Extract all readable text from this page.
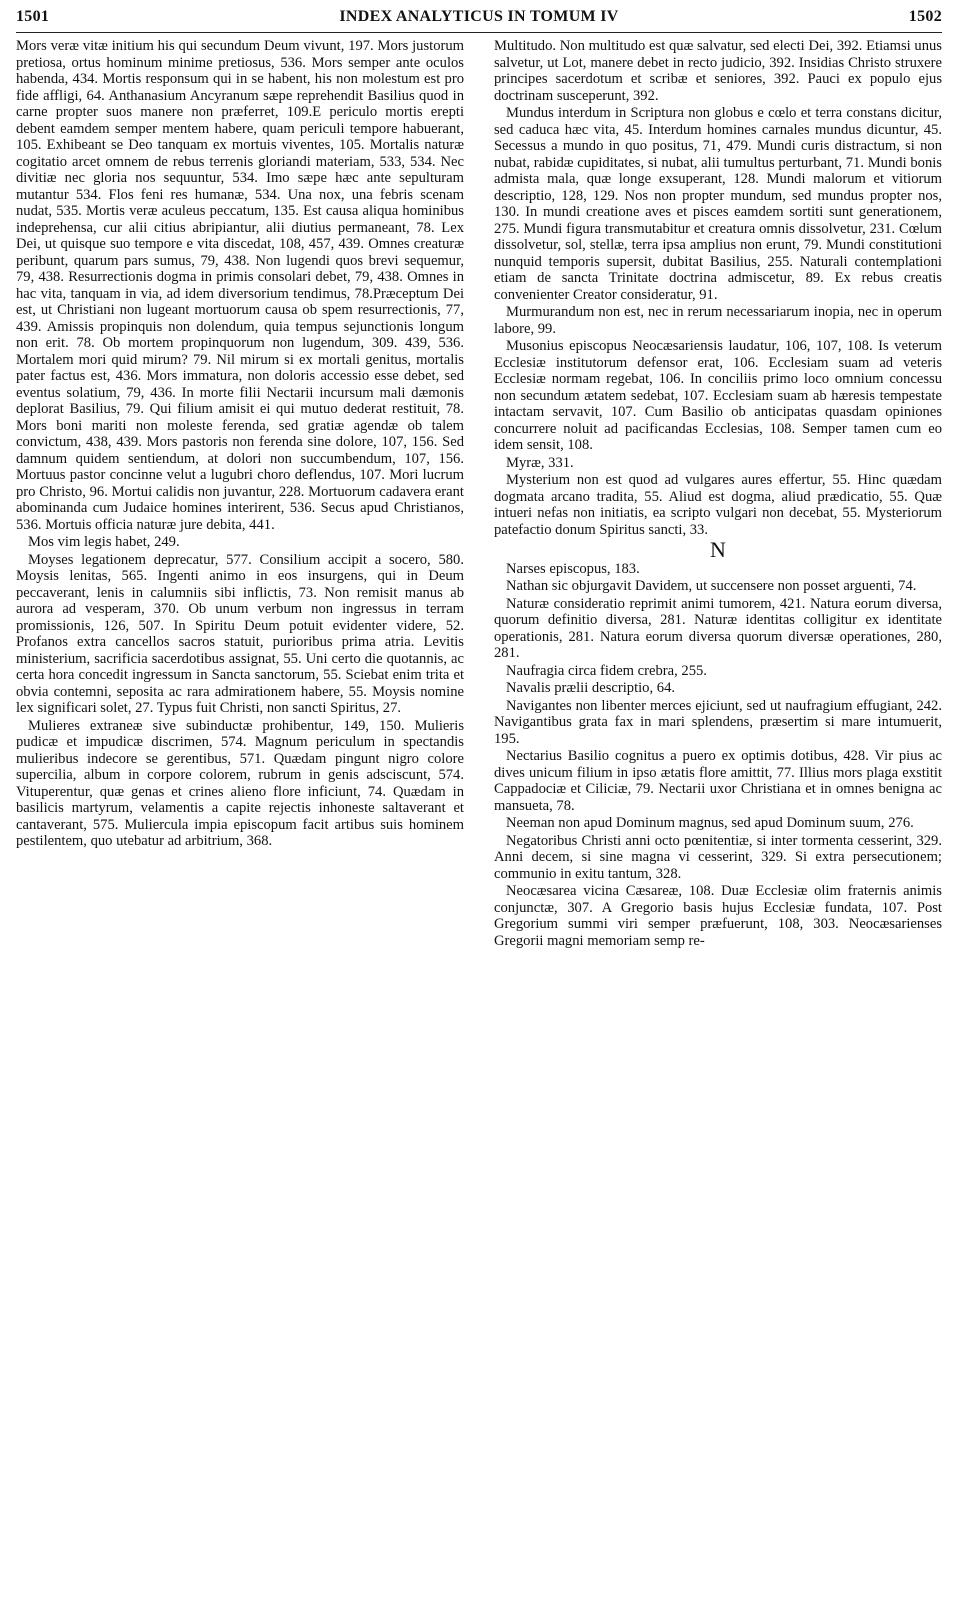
1501	INDEX ANALYTICUS IN TOMUM IV	1502

Mors veræ vitæ initium his qui secundum Deum vivunt, 197. Mors justorum pretiosa, ortus hominum minime pretiosus, 536. Mors semper ante oculos habenda, 434. Mortis responsum qui in se habent, his non molestum est pro fide affligi, 64. Anthanasium Ancyranum sæpe reprehendit Basilius quod in carne propter suos manere non præferret, 109.E periculo mortis erepti debent eamdem semper mentem habere, quam periculi tempore habuerant, 105. Exhibeant se Deo tanquam ex mortuis viventes, 105. Mortalis naturæ cogitatio arcet omnem de rebus terrenis gloriandi materiam, 533, 534. Nec divitiæ nec gloria nos sequuntur, 534. Imo sæpe hæc ante sepulturam mutantur 534. Flos feni res humanæ, 534. Una nox, una febris scenam nudat, 535. Mortis veræ aculeus peccatum, 135. Est causa aliqua hominibus indeprehensa, cur alii citius abripiantur, alii diutius permaneant, 78. Lex Dei, ut quisque suo tempore e vita discedat, 108, 457, 439. Omnes creaturæ peribunt, quarum pars sumus, 79, 438. Non lugendi quos brevi sequemur, 79, 438. Resurrectionis dogma in primis consolari debet, 79, 438. Omnes in hac vita, tanquam in via, ad idem diversorium tendimus, 78.Præceptum Dei est, ut Christiani non lugeant mortuorum causa ob spem resurrectionis, 77, 439. Amissis propinquis non dolendum, quia tempus sejunctionis longum non erit. 78. Ob mortem propinquorum non lugendum, 309. 439, 536. Mortalem mori quid mirum? 79. Nil mirum si ex mortali genitus, mortalis pater factus est, 436. Mors immatura, non doloris accessio esse debet, sed eventus solatium, 79, 436. In morte filii Nectarii incursum mali dæmonis deplorat Basilius, 79. Qui filium amisit ei qui mutuo dederat restituit, 78. Mors boni mariti non moleste ferenda, sed gratiæ agendæ ob talem convictum, 438, 439. Mors pastoris non ferenda sine dolore, 107, 156. Sed damnum quidem sentiendum, at dolori non succumbendum, 107, 156. Mortuus pastor concinne velut a lugubri choro deflendus, 107. Mori lucrum pro Christo, 96. Mortui calidis non juvantur, 228. Mortuorum cadavera erant abominanda cum Judaice homines interirent, 536. Secus apud Christianos, 536. Mortuis officia naturæ jure debita, 441.

Mos vim legis habet, 249.

Moyses legationem deprecatur, 577. Consilium accipit a socero, 580. Moysis lenitas, 565. Ingenti animo in eos insurgens, qui in Deum peccaverant, lenis in calumniis sibi inflictis, 73. Non remisit manus ab aurora ad vesperam, 370. Ob unum verbum non ingressus in terram promissionis, 126, 507. In Spiritu Deum potuit evidenter videre, 52. Profanos extra cancellos sacros statuit, purioribus prima atria. Levitis ministerium, sacrificia sacerdotibus assignat, 55. Uni certo die quotannis, ac certa hora concedit ingressum in Sancta sanctorum, 55. Sciebat enim trita et obvia contemni, seposita ac rara admirationem habere, 55. Moysis nomine lex significari solet, 27. Typus fuit Christi, non sancti Spiritus, 27.

Mulieres extraneæ sive subinductæ prohibentur, 149, 150. Mulieris pudicæ et impudicæ discrimen, 574. Magnum periculum in spectandis mulieribus indecore se gerentibus, 571. Quædam pingunt nigro colore supercilia, album in corpore colorem, rubrum in genis adsciscunt, 574. Vituperentur, quæ genas et crines alieno flore inficiunt, 74. Quædam in basilicis martyrum, velamentis a capite rejectis inhoneste saltaverant et cantaverant, 575. Muliercula impia episcopum facit artibus suis hominem pestilentem, quo utebatur ad arbitrium, 368.

Multitudo. Non multitudo est quæ salvatur, sed electi Dei, 392. Etiamsi unus salvetur, ut Lot, manere debet in recto judicio, 392. Insidias Christo struxere principes sacerdotum et scribæ et seniores, 392. Pauci ex populo ejus doctrinam susceperunt, 392.

Mundus interdum in Scriptura non globus e cœlo et terra constans dicitur, sed caduca hæc vita, 45. Interdum homines carnales mundus dicuntur, 45. Secessus a mundo in quo positus, 71, 479. Mundi curis distractum, si non nubat, rabidæ cupiditates, si nubat, alii tumultus perturbant, 71. Mundi bonis admista mala, quæ longe exsuperant, 128. Mundi malorum et vitiorum descriptio, 128, 129. Nos non propter mundum, sed mundus propter nos, 130. In mundi creatione aves et pisces eamdem sortiti sunt generationem, 275. Mundi figura transmutabitur et creatura omnis dissolvetur, 231. Cœlum dissolvetur, sol, stellæ, terra ipsa amplius non erunt, 79. Mundi constitutioni nunquid temporis supersit, dubitat Basilius, 255. Naturali contemplationi etiam de sancta Trinitate doctrina admiscetur, 89. Ex rebus creatis convenienter Creator consideratur, 91.

Murmurandum non est, nec in rerum necessariarum inopia, nec in operum labore, 99.

Musonius episcopus Neocæsariensis laudatur, 106, 107, 108. Is veterum Ecclesiæ institutorum defensor erat, 106. Ecclesiam suam ad veteris Ecclesiæ normam regebat, 106. In conciliis primo loco omnium concessu non secundum ætatem sedebat, 107. Ecclesiam suam ab hæresis tempestate intactam servavit, 107. Cum Basilio ob anticipatas quasdam opiniones concurrere noluit ad pacificandas Ecclesias, 108. Semper tamen cum eo idem sensit, 108.

Myræ, 331.

Mysterium non est quod ad vulgares aures effertur, 55. Hinc quædam dogmata arcano tradita, 55. Aliud est dogma, aliud prædicatio, 55. Quæ intueri nefas non initiatis, ea scripto vulgari non decebat, 55. Mysteriorum patefactio donum Spiritus sancti, 33.

N

Narses episcopus, 183.

Nathan sic objurgavit Davidem, ut succensere non posset arguenti, 74.

Naturæ consideratio reprimit animi tumorem, 421. Natura eorum diversa, quorum definitio diversa, 281. Naturæ identitas colligitur ex identitate operationis, 281. Natura eorum diversa quorum diversæ operationes, 280, 281.

Naufragia circa fidem crebra, 255.

Navalis prælii descriptio, 64.

Navigantes non libenter merces ejiciunt, sed ut naufragium effugiant, 242. Navigantibus grata fax in mari splendens, præsertim si mare intumuerit, 195.

Nectarius Basilio cognitus a puero ex optimis dotibus, 428. Vir pius ac dives unicum filium in ipso ætatis flore amittit, 77. Illius mors plaga exstitit Cappadociæ et Ciliciæ, 79. Nectarii uxor Christiana et in omnes benigna ac mansueta, 78.

Neeman non apud Dominum magnus, sed apud Dominum suum, 276.

Negatoribus Christi anni octo pœnitentiæ, si inter tormenta cesserint, 329. Anni decem, si sine magna vi cesserint, 329. Si extra persecutionem; communio in exitu tantum, 328.

Neocæsarea vicina Cæsareæ, 108. Duæ Ecclesiæ olim fraternis animis conjunctæ, 307. A Gregorio basis hujus Ecclesiæ fundata, 107. Post Gregorium summi viri semper præfuerunt, 108, 303. Neocæsarienses Gregorii magni memoriam semp re-
